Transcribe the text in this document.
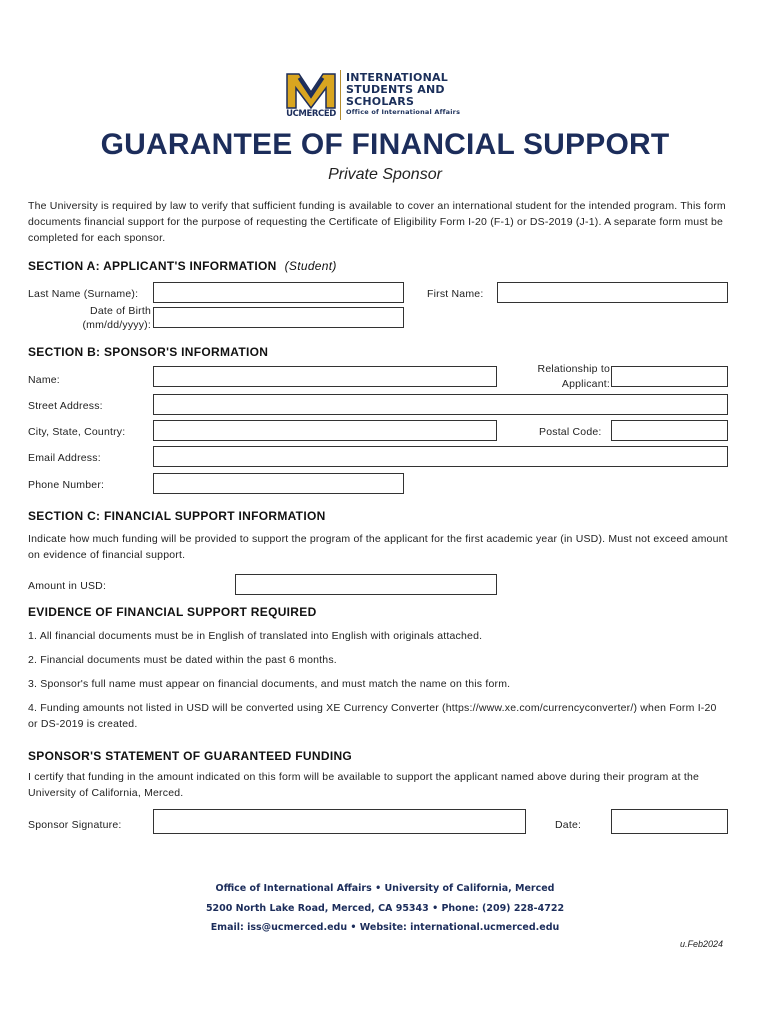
UCMERCED
INTERNATIONAL
STUDENTS AND
SCHOLARS
Office of International Affairs
GUARANTEE OF FINANCIAL SUPPORT
Private Sponsor
The University is required by law to verify that sufficient funding is available to cover an international student for the intended program. This form documents financial support for the purpose of requesting the Certificate of Eligibility Form I-20 (F-1) or DS-2019 (J-1). A separate form must be completed for each sponsor.
SECTION A: APPLICANT'S INFORMATION (Student)
Last Name (Surname):	First Name:
Date of Birth
(mm/dd/yyyy):
SECTION B: SPONSOR'S INFORMATION
Name:
Relationship to
Applicant:
Street Address:
City, State, Country:	Postal Code:
Email Address:
Phone Number:
SECTION C: FINANCIAL SUPPORT INFORMATION
Indicate how much funding will be provided to support the program of the applicant for the first academic year (in USD). Must not exceed amount on evidence of financial support.
Amount in USD:
EVIDENCE OF FINANCIAL SUPPORT REQUIRED
1. All financial documents must be in English of translated into English with originals attached.
2. Financial documents must be dated within the past 6 months.
3. Sponsor's full name must appear on financial documents, and must match the name on this form.
4. Funding amounts not listed in USD will be converted using XE Currency Converter (https://www.xe.com/currencyconverter/) when Form I-20 or DS-2019 is created.
SPONSOR'S STATEMENT OF GUARANTEED FUNDING
I certify that funding in the amount indicated on this form will be available to support the applicant named above during their program at the University of California, Merced.
Sponsor Signature:	Date:
Office of International Affairs • University of California, Merced
5200 North Lake Road, Merced, CA 95343 • Phone: (209) 228-4722
Email: iss@ucmerced.edu • Website: international.ucmerced.edu
u.Feb2024
